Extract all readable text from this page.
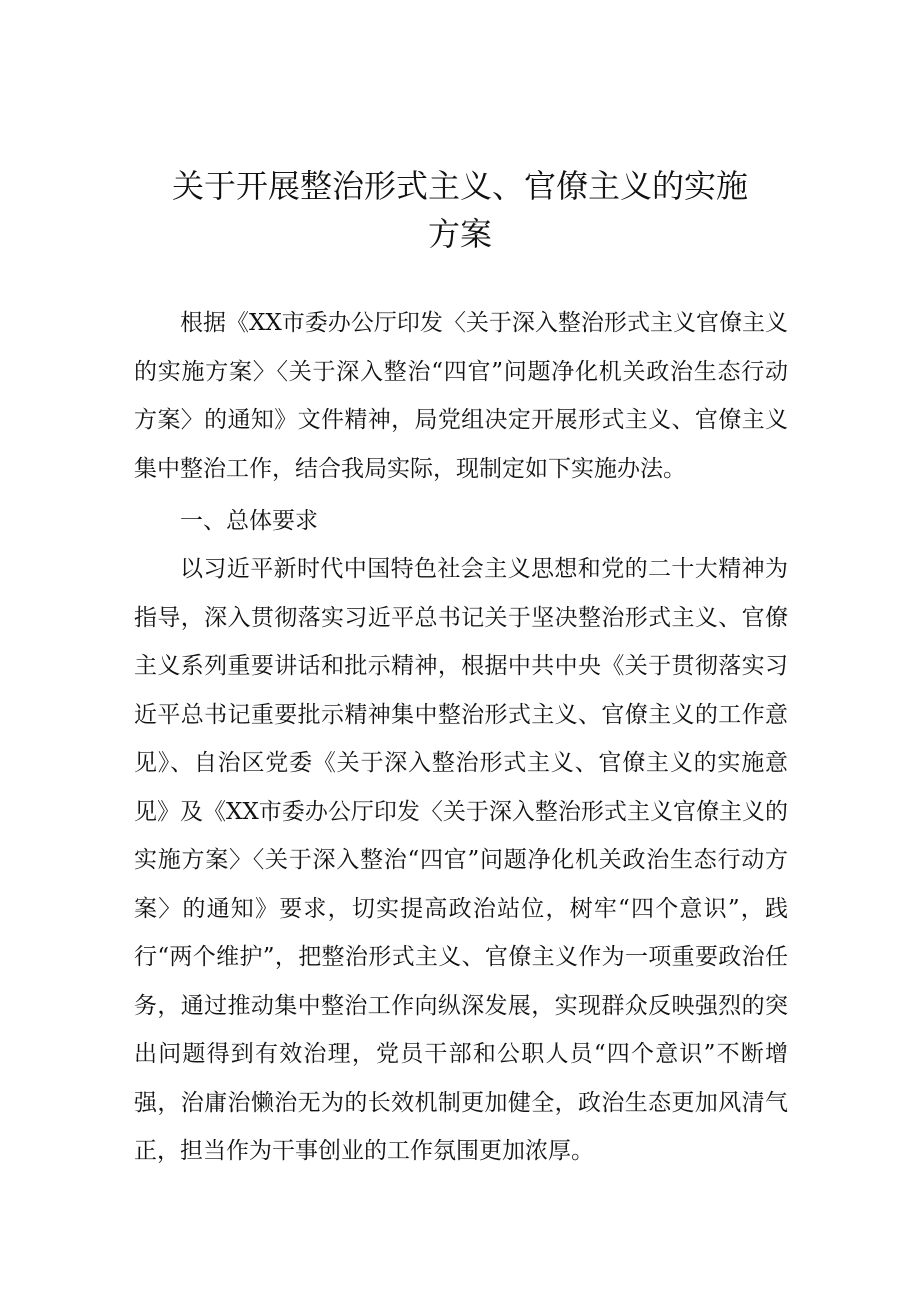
关于开展整治形式主义、官僚主义的实施
方案

根据《XX市委办公厅印发〈关于深入整治形式主义官僚主义的实施方案〉〈关于深入整治“四官”问题净化机关政治生态行动方案〉的通知》文件精神，局党组决定开展形式主义、官僚主义集中整治工作，结合我局实际，现制定如下实施办法。

一、总体要求

以习近平新时代中国特色社会主义思想和党的二十大精神为指导，深入贯彻落实习近平总书记关于坚决整治形式主义、官僚主义系列重要讲话和批示精神，根据中共中央《关于贯彻落实习近平总书记重要批示精神集中整治形式主义、官僚主义的工作意见》、自治区党委《关于深入整治形式主义、官僚主义的实施意见》及《XX市委办公厅印发〈关于深入整治形式主义官僚主义的实施方案〉〈关于深入整治“四官”问题净化机关政治生态行动方案〉的通知》要求，切实提高政治站位，树牢“四个意识”，践行“两个维护”，把整治形式主义、官僚主义作为一项重要政治任务，通过推动集中整治工作向纵深发展，实现群众反映强烈的突出问题得到有效治理，党员干部和公职人员“四个意识”不断增强，治庸治懒治无为的长效机制更加健全，政治生态更加风清气正，担当作为干事创业的工作氛围更加浓厚。
